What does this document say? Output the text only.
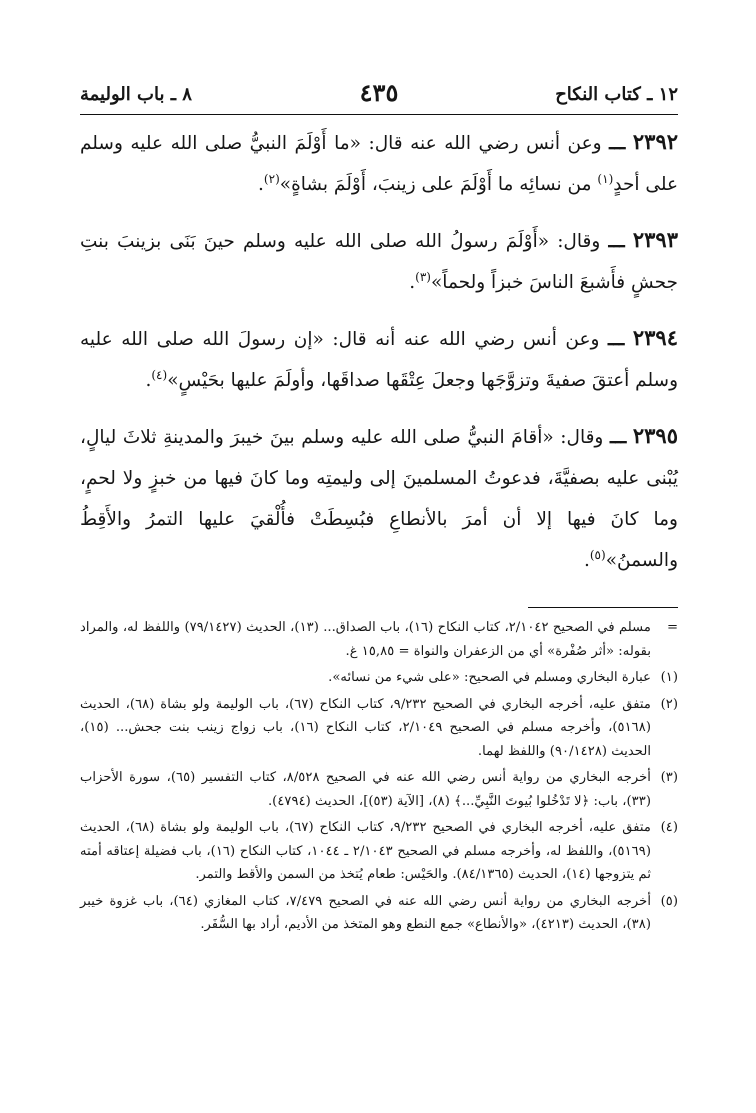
١٢ ـ كتاب النكاح
٤٣٥
٨ ـ باب الوليمة

٢٣٩٢ ـــ وعن أنس رضي الله عنه قال: «ما أَوْلَمَ النبيُّ صلى الله عليه وسلم على أحدٍ$^{(١)}$ من نسائِه ما أَوْلَمَ على زينبَ، أَوْلَمَ بشاةٍ»$^{(٢)}$.

٢٣٩٣ ـــ وقال: «أَوْلَمَ رسولُ الله صلى الله عليه وسلم حينَ بَنَى بزينبَ بنتِ جحشٍ فأَشبعَ الناسَ خبزاً ولحماً»$^{(٣)}$.

٢٣٩٤ ـــ وعن أنس رضي الله عنه أنه قال: «إن رسولَ الله صلى الله عليه وسلم أعتقَ صفيةَ وتزوَّجَها وجعلَ عِتْقَها صداقَها، وأولَمَ عليها بحَيْسٍ»$^{(٤)}$.

٢٣٩٥ ـــ وقال: «أقامَ النبيُّ صلى الله عليه وسلم بينَ خيبرَ والمدينةِ ثلاثَ ليالٍ، يُبْنى عليه بصفيَّةَ، فدعوتُ المسلمينَ إلى وليمتِه وما كانَ فيها من خبزٍ ولا لحمٍ، وما كانَ فيها إلا أن أمرَ بالأنطاعِ فبُسِطَتْ فأُلْقيَ عليها التمرُ والأَقِطُ والسمنُ»$^{(٥)}$.

=
مسلم في الصحيح ٢/١٠٤٢، كتاب النكاح (١٦)، باب الصداق... (١٣)، الحديث (٧٩/١٤٢٧) واللفظ له، والمراد بقوله: «أثر صُفْرة» أي من الزعفران والنواة = ١٥,٨٥ غ.
(١)
عبارة البخاري ومسلم في الصحيح: «على شيء من نسائه».
(٢)
متفق عليه، أخرجه البخاري في الصحيح ٩/٢٣٢، كتاب النكاح (٦٧)، باب الوليمة ولو بشاة (٦٨)، الحديث (٥١٦٨)، وأخرجه مسلم في الصحيح ٢/١٠٤٩، كتاب النكاح (١٦)، باب زواج زينب بنت جحش... (١٥)، الحديث (٩٠/١٤٢٨) واللفظ لهما.
(٣)
أخرجه البخاري من رواية أنس رضي الله عنه في الصحيح ٨/٥٢٨، كتاب التفسير (٦٥)، سورة الأحزاب (٣٣)، باب: ﴿لا تَدْخُلوا بُيوتَ النَّبِيِّ...﴾ (٨)، [الآية (٥٣)]، الحديث (٤٧٩٤).
(٤)
متفق عليه، أخرجه البخاري في الصحيح ٩/٢٣٢، كتاب النكاح (٦٧)، باب الوليمة ولو بشاة (٦٨)، الحديث (٥١٦٩)، واللفظ له، وأخرجه مسلم في الصحيح ٢/١٠٤٣ ـ ١٠٤٤، كتاب النكاح (١٦)، باب فضيلة إعتاقه أمته ثم يتزوجها (١٤)، الحديث (٨٤/١٣٦٥). والحَيْس: طعام يُتخذ من السمن والأقط والتمر.
(٥)
أخرجه البخاري من رواية أنس رضي الله عنه في الصحيح ٧/٤٧٩، كتاب المغازي (٦٤)، باب غزوة خيبر (٣٨)، الحديث (٤٢١٣)، «والأنطاع» جمع النطع وهو المتخذ من الأديم، أراد بها السُّفَر.
